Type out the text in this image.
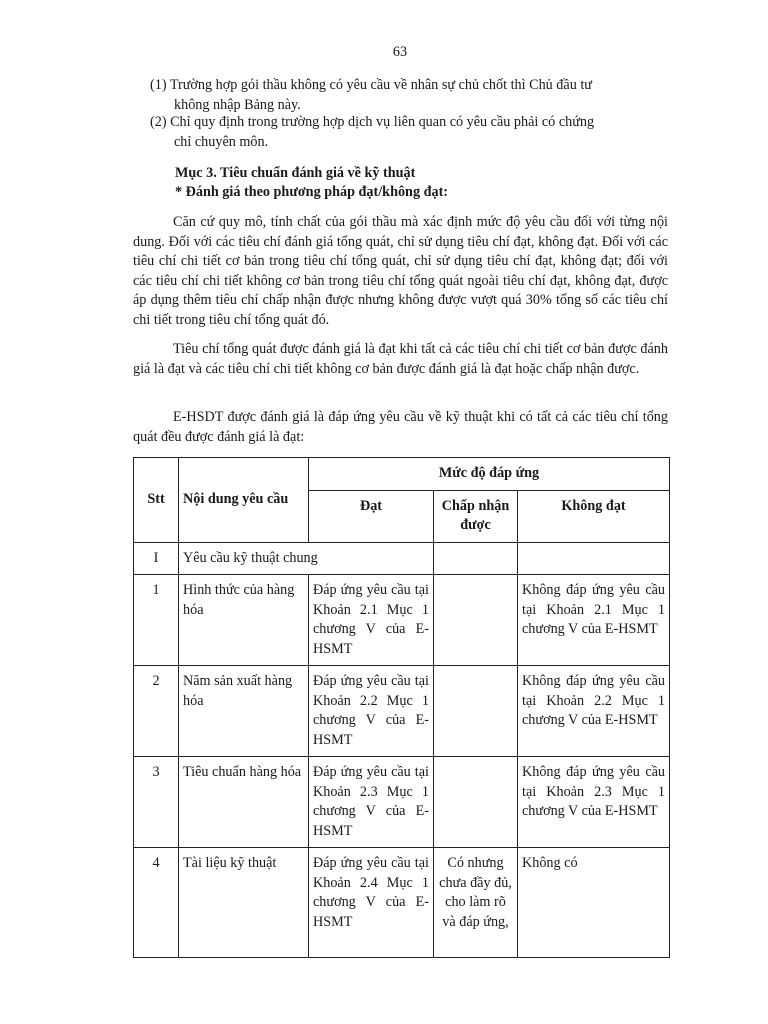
63
(1) Trường hợp gói thầu không có yêu cầu về nhân sự chủ chốt thì Chủ đầu tư
không nhập Bảng này.
(2) Chỉ quy định trong trường hợp dịch vụ liên quan có yêu cầu phải có chứng
chỉ chuyên môn.
Mục 3. Tiêu chuẩn đánh giá về kỹ thuật
* Đánh giá theo phương pháp đạt/không đạt:
Căn cứ quy mô, tính chất của gói thầu mà xác định mức độ yêu cầu đối với từng nội dung. Đối với các tiêu chí đánh giá tổng quát, chỉ sử dụng tiêu chí đạt, không đạt. Đối với các tiêu chí chi tiết cơ bản trong tiêu chí tổng quát, chỉ sử dụng tiêu chí đạt, không đạt; đối với các tiêu chí chi tiết không cơ bản trong tiêu chí tổng quát ngoài tiêu chí đạt, không đạt, được áp dụng thêm tiêu chí chấp nhận được nhưng không được vượt quá 30% tổng số các tiêu chí chi tiết trong tiêu chí tổng quát đó.
Tiêu chí tổng quát được đánh giá là đạt khi tất cả các tiêu chí chi tiết cơ bản được đánh giá là đạt và các tiêu chí chi tiết không cơ bản được đánh giá là đạt hoặc chấp nhận được.
E-HSDT được đánh giá là đáp ứng yêu cầu về kỹ thuật khi có tất cả các tiêu chí tổng quát đều được đánh giá là đạt:
Stt	Nội dung yêu cầu	Mức độ đáp ứng		
		Đạt	Chấp nhận được	Không đạt
I	Yêu cầu kỹ thuật chung			
1	Hình thức của hàng hóa	Đáp ứng yêu cầu tại Khoản 2.1 Mục 1 chương V của E-HSMT		Không đáp ứng yêu cầu tại Khoản 2.1 Mục 1 chương V của E-HSMT
2	Năm sản xuất hàng hóa	Đáp ứng yêu cầu tại Khoản 2.2 Mục 1 chương V của E-HSMT		Không đáp ứng yêu cầu tại Khoản 2.2 Mục 1 chương V của E-HSMT
3	Tiêu chuẩn hàng hóa	Đáp ứng yêu cầu tại Khoản 2.3 Mục 1 chương V của E-HSMT		Không đáp ứng yêu cầu tại Khoản 2.3 Mục 1 chương V của E-HSMT
4	Tài liệu kỹ thuật	Đáp ứng yêu cầu tại Khoản 2.4 Mục 1 chương V của E-HSMT	Có nhưng chưa đầy đủ, cho làm rõ và đáp ứng,	Không có
